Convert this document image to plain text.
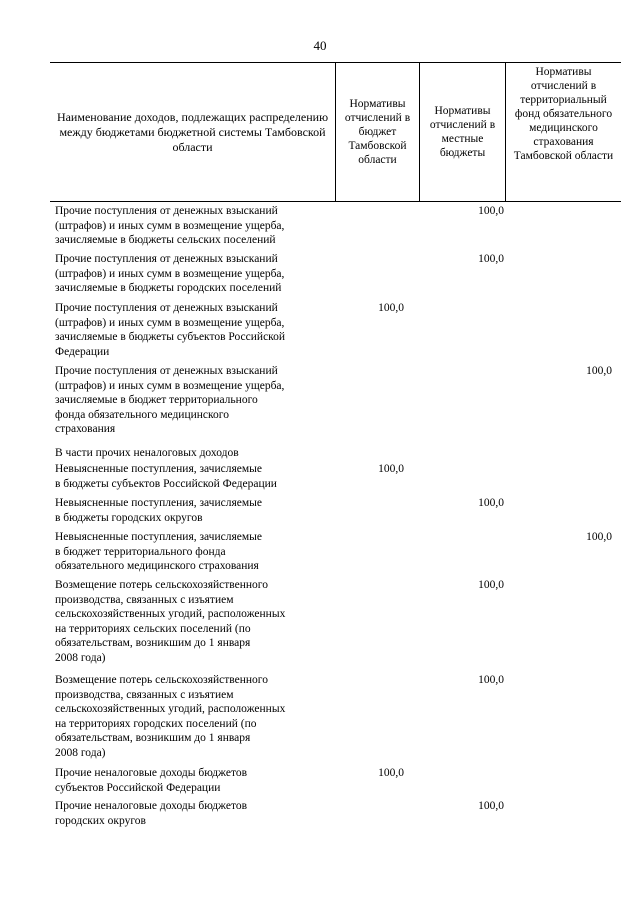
40
Наименование доходов, подлежащих распределению между бюджетами бюджетной системы Тамбовской области
Нормативы отчислений в бюджет Тамбовской области
Нормативы отчислений в местные бюджеты
Нормативы отчислений в территориальный фонд обязательного медицинского страхования Тамбовской области
Прочие поступления от денежных взысканий
(штрафов) и иных сумм в возмещение ущерба,
зачисляемые в бюджеты сельских поселений
100,0
Прочие поступления от денежных взысканий
(штрафов) и иных сумм в возмещение ущерба,
зачисляемые в бюджеты городских поселений
100,0
Прочие поступления от денежных взысканий
(штрафов) и иных сумм в возмещение ущерба,
зачисляемые в бюджеты субъектов Российской
Федерации
100,0
Прочие поступления от денежных взысканий
(штрафов) и иных сумм в возмещение ущерба,
зачисляемые в бюджет территориального
фонда обязательного медицинского
страхования
100,0
В части прочих неналоговых доходов
Невыясненные поступления, зачисляемые
в бюджеты субъектов Российской Федерации
100,0
Невыясненные поступления, зачисляемые
в бюджеты городских округов
100,0
Невыясненные поступления, зачисляемые
в бюджет территориального фонда
обязательного медицинского страхования
100,0
Возмещение потерь сельскохозяйственного
производства, связанных с изъятием
сельскохозяйственных угодий, расположенных
на территориях сельских поселений (по
обязательствам, возникшим до 1 января
2008 года)
100,0
Возмещение потерь сельскохозяйственного
производства, связанных с изъятием
сельскохозяйственных угодий, расположенных
на территориях городских поселений (по
обязательствам, возникшим до 1 января
2008 года)
100,0
Прочие неналоговые доходы бюджетов
субъектов Российской Федерации
100,0
Прочие неналоговые доходы бюджетов
городских округов
100,0
